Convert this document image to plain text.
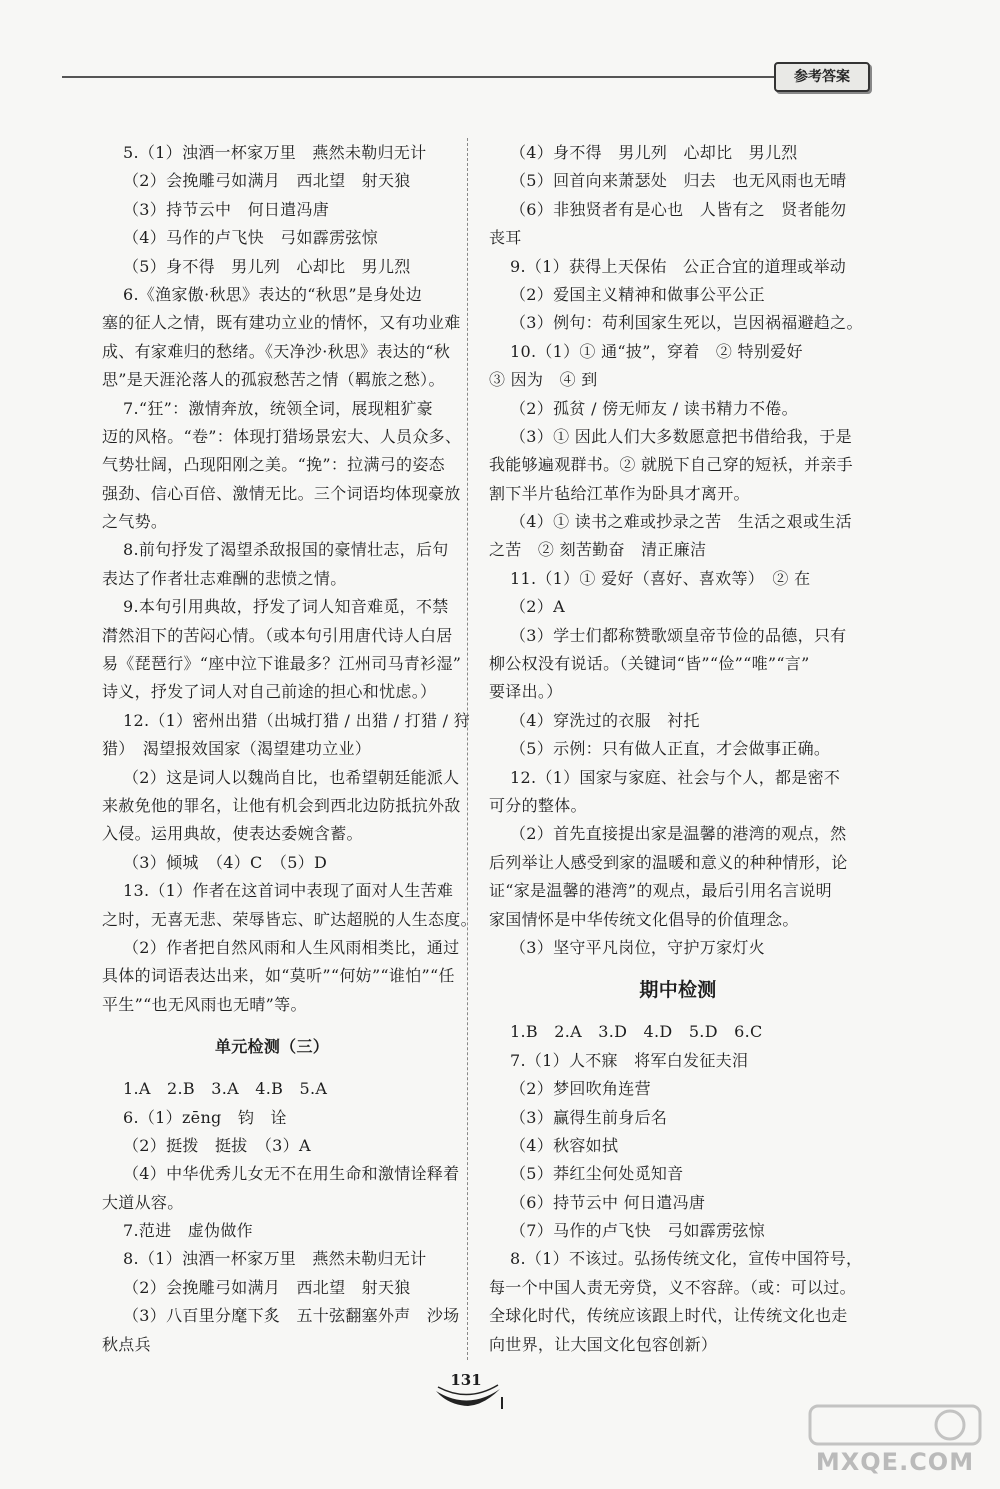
参考答案
5.（1）浊酒一杯家万里　燕然未勒归无计
（2）会挽雕弓如满月　西北望　射天狼
（3）持节云中　何日遣冯唐
（4）马作的卢飞快　弓如霹雳弦惊
（5）身不得　男儿列　心却比　男儿烈
6.《渔家傲·秋思》表达的“秋思”是身处边
塞的征人之情，既有建功立业的情怀，又有功业难
成、有家难归的愁绪。《天净沙·秋思》表达的“秋
思”是天涯沦落人的孤寂愁苦之情（羁旅之愁）。
7.“狂”：激情奔放，统领全词，展现粗犷豪
迈的风格。“卷”：体现打猎场景宏大、人员众多、
气势壮阔，凸现阳刚之美。“挽”：拉满弓的姿态
强劲、信心百倍、激情无比。三个词语均体现豪放
之气势。
8.前句抒发了渴望杀敌报国的豪情壮志，后句
表达了作者壮志难酬的悲愤之情。
9.本句引用典故，抒发了词人知音难觅，不禁
潸然泪下的苦闷心情。（或本句引用唐代诗人白居
易《琵琶行》“座中泣下谁最多？江州司马青衫湿”
诗义，抒发了词人对自己前途的担心和忧虑。）
12.（1）密州出猎（出城打猎 / 出猎 / 打猎 / 狩
猎）　渴望报效国家（渴望建功立业）
（2）这是词人以魏尚自比，也希望朝廷能派人
来赦免他的罪名，让他有机会到西北边防抵抗外敌
入侵。运用典故，使表达委婉含蓄。
（3）倾城　（4）C　（5）D
13.（1）作者在这首词中表现了面对人生苦难
之时，无喜无悲、荣辱皆忘、旷达超脱的人生态度。
（2）作者把自然风雨和人生风雨相类比，通过
具体的词语表达出来，如“莫听”“何妨”“谁怕”“任
平生”“也无风雨也无晴”等。
单元检测（三）
1.A　2.B　3.A　4.B　5.A
6.（1）zēng　钧　诠
（2）挺拨　挺拔　（3）A
（4）中华优秀儿女无不在用生命和激情诠释着
大道从容。
7.范进　虚伪做作
8.（1）浊酒一杯家万里　燕然未勒归无计
（2）会挽雕弓如满月　西北望　射天狼
（3）八百里分麾下炙　五十弦翻塞外声　沙场
秋点兵
（4）身不得　男儿列　心却比　男儿烈
（5）回首向来萧瑟处　归去　也无风雨也无晴
（6）非独贤者有是心也　人皆有之　贤者能勿
丧耳
9.（1）获得上天保佑　公正合宜的道理或举动
（2）爱国主义精神和做事公平公正
（3）例句：苟利国家生死以，岂因祸福避趋之。
10.（1）① 通“披”，穿着　② 特别爱好
③ 因为　④ 到
（2）孤贫 / 傍无师友 / 读书精力不倦。
（3）① 因此人们大多数愿意把书借给我，于是
我能够遍观群书。② 就脱下自己穿的短袄，并亲手
割下半片毡给江革作为卧具才离开。
（4）① 读书之难或抄录之苦　生活之艰或生活
之苦　② 刻苦勤奋　清正廉洁
11.（1）① 爱好（喜好、喜欢等）　② 在
（2）A
（3）学士们都称赞歌颂皇帝节俭的品德，只有
柳公权没有说话。（关键词“皆”“俭”“唯”“言”
要译出。）
（4）穿洗过的衣服　衬托
（5）示例：只有做人正直，才会做事正确。
12.（1）国家与家庭、社会与个人，都是密不
可分的整体。
（2）首先直接提出家是温馨的港湾的观点，然
后列举让人感受到家的温暖和意义的种种情形，论
证“家是温馨的港湾”的观点，最后引用名言说明
家国情怀是中华传统文化倡导的价值理念。
（3）坚守平凡岗位，守护万家灯火
期中检测
1.B　2.A　3.D　4.D　5.D　6.C
7.（1）人不寐　将军白发征夫泪
（2）梦回吹角连营
（3）赢得生前身后名
（4）秋容如拭
（5）莽红尘何处觅知音
（6）持节云中 何日遣冯唐
（7）马作的卢飞快　弓如霹雳弦惊
8.（1）不该过。弘扬传统文化，宣传中国符号，
每一个中国人责无旁贷，义不容辞。（或：可以过。
全球化时代，传统应该跟上时代，让传统文化也走
向世界，让大国文化包容创新）
131
MXQE.COM
